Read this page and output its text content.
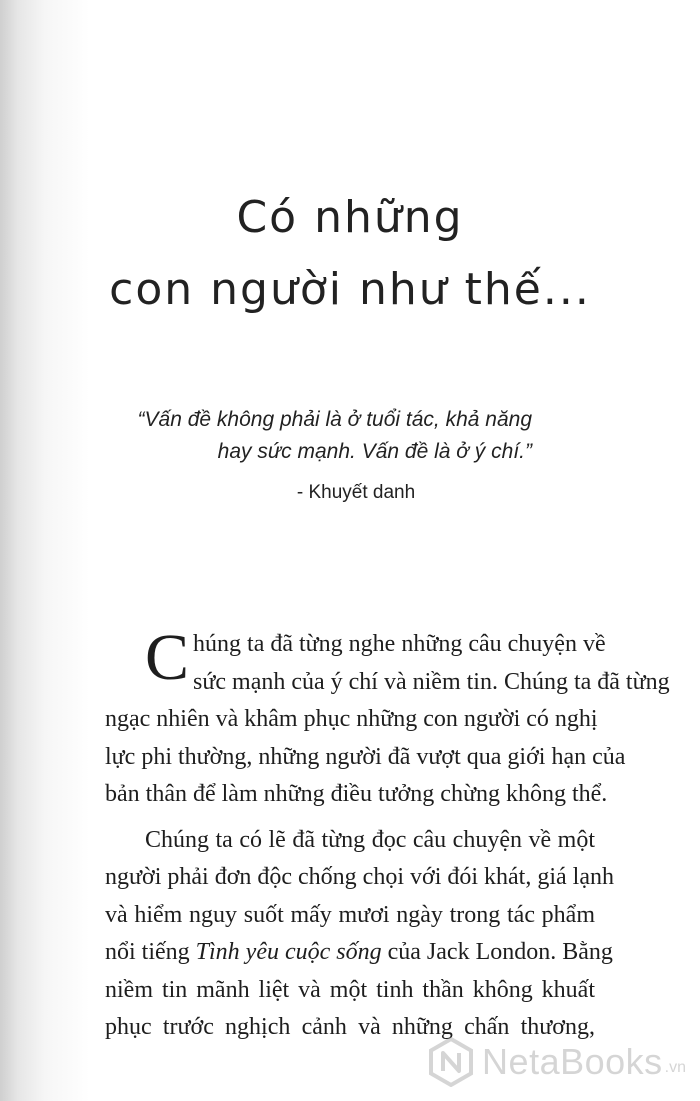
Có những
con người như thế...
“Vấn đề không phải là ở tuổi tác, khả năng
hay sức mạnh. Vấn đề là ở ý chí.”
- Khuyết danh

C húng ta đã từng nghe những câu chuyện về
sức mạnh của ý chí và niềm tin. Chúng ta đã từng
ngạc nhiên và khâm phục những con người có nghị
lực phi thường, những người đã vượt qua giới hạn của
bản thân để làm những điều tưởng chừng không thể.

Chúng ta có lẽ đã từng đọc câu chuyện về một
người phải đơn độc chống chọi với đói khát, giá lạnh
và hiểm nguy suốt mấy mươi ngày trong tác phẩm
nổi tiếng Tình yêu cuộc sống của Jack London. Bằng
niềm tin mãnh liệt và một tinh thần không khuất
phục trước nghịch cảnh và những chấn thương,

NetaBooks .vn
